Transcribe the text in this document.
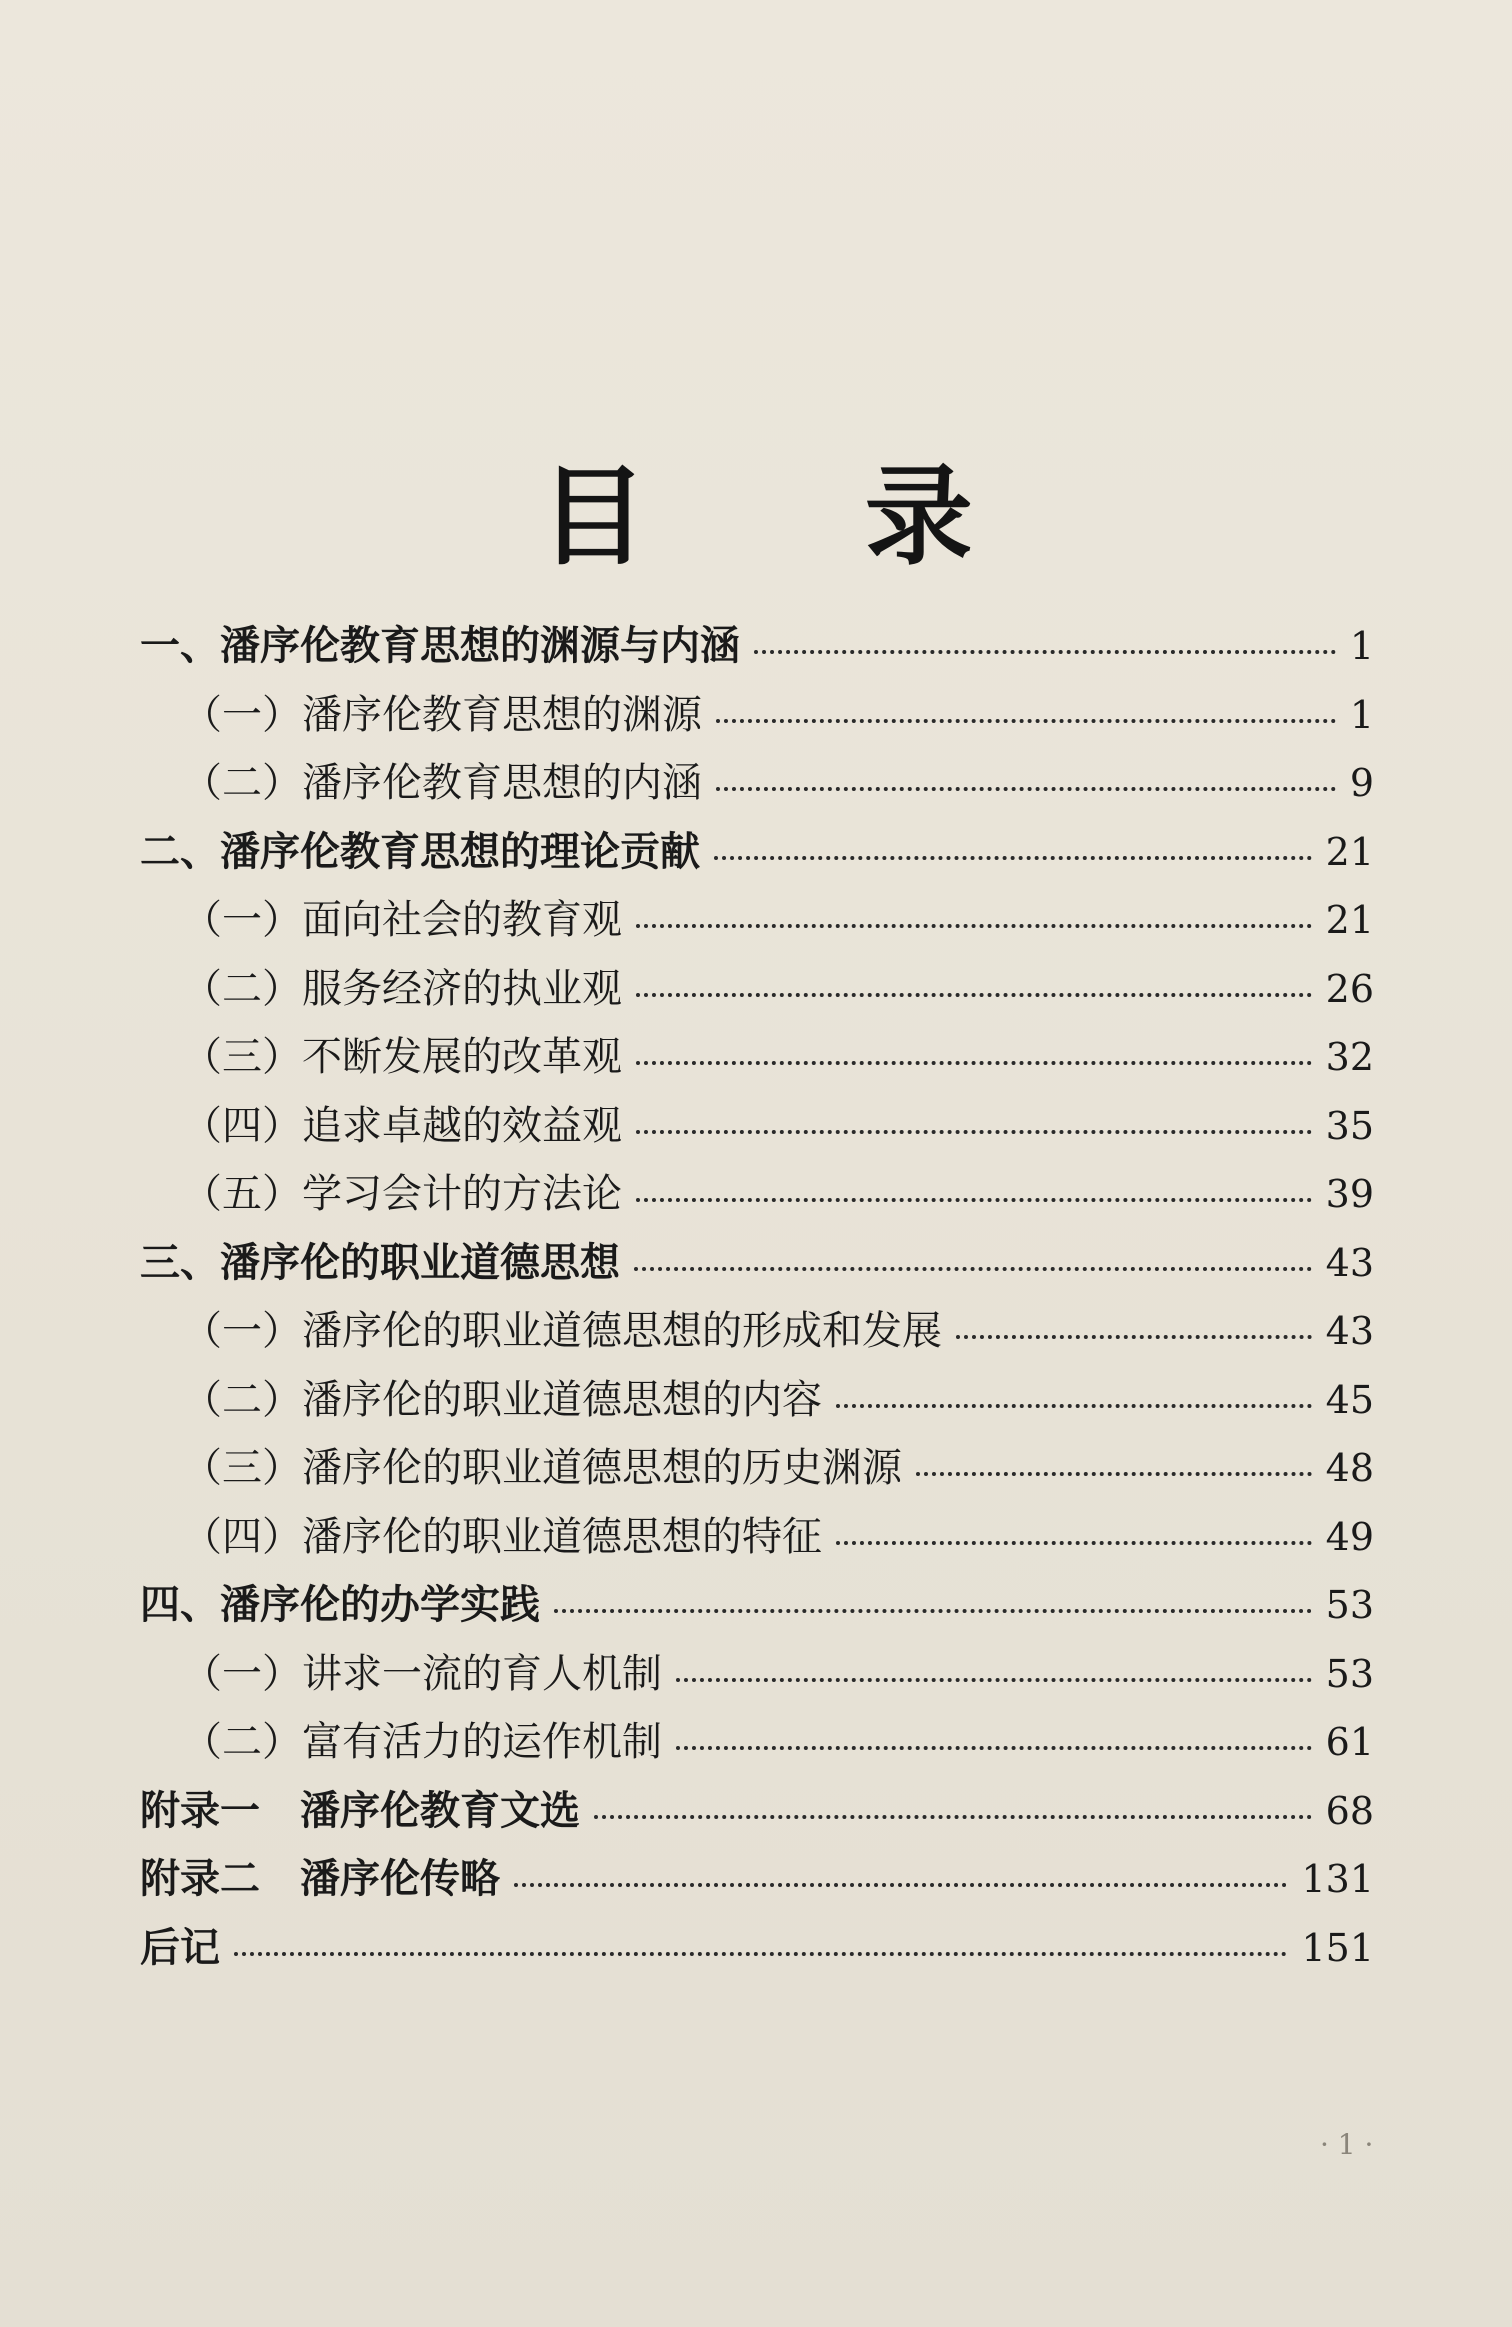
目 录
一、潘序伦教育思想的渊源与内涵	1
（一）潘序伦教育思想的渊源	1
（二）潘序伦教育思想的内涵	9
二、潘序伦教育思想的理论贡献	21
（一）面向社会的教育观	21
（二）服务经济的执业观	26
（三）不断发展的改革观	32
（四）追求卓越的效益观	35
（五）学习会计的方法论	39
三、潘序伦的职业道德思想	43
（一）潘序伦的职业道德思想的形成和发展	43
（二）潘序伦的职业道德思想的内容	45
（三）潘序伦的职业道德思想的历史渊源	48
（四）潘序伦的职业道德思想的特征	49
四、潘序伦的办学实践	53
（一）讲求一流的育人机制	53
（二）富有活力的运作机制	61
附录一　潘序伦教育文选	68
附录二　潘序伦传略	131
后记	151
· 1 ·
